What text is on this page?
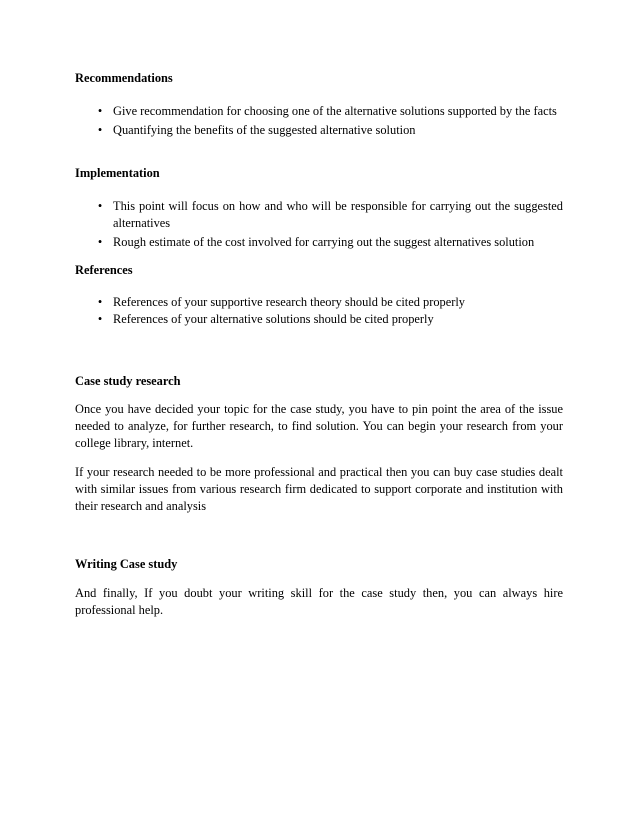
Recommendations

• Give recommendation for choosing one of the alternative solutions supported by the facts
• Quantifying the benefits of the suggested alternative solution

Implementation

• This point will focus on how and who will be responsible for carrying out the suggested alternatives
• Rough estimate of the cost involved for carrying out the suggest alternatives solution

References

• References of your supportive research theory should be cited properly
• References of your alternative solutions should be cited properly

Case study research

Once you have decided your topic for the case study, you have to pin point the area of the issue needed to analyze, for further research, to find solution. You can begin your research from your college library, internet.

If your research needed to be more professional and practical then you can buy case studies dealt with similar issues from various research firm dedicated to support corporate and institution with their research and analysis

Writing Case study

And finally, If you doubt your writing skill for the case study then, you can always hire professional help.
